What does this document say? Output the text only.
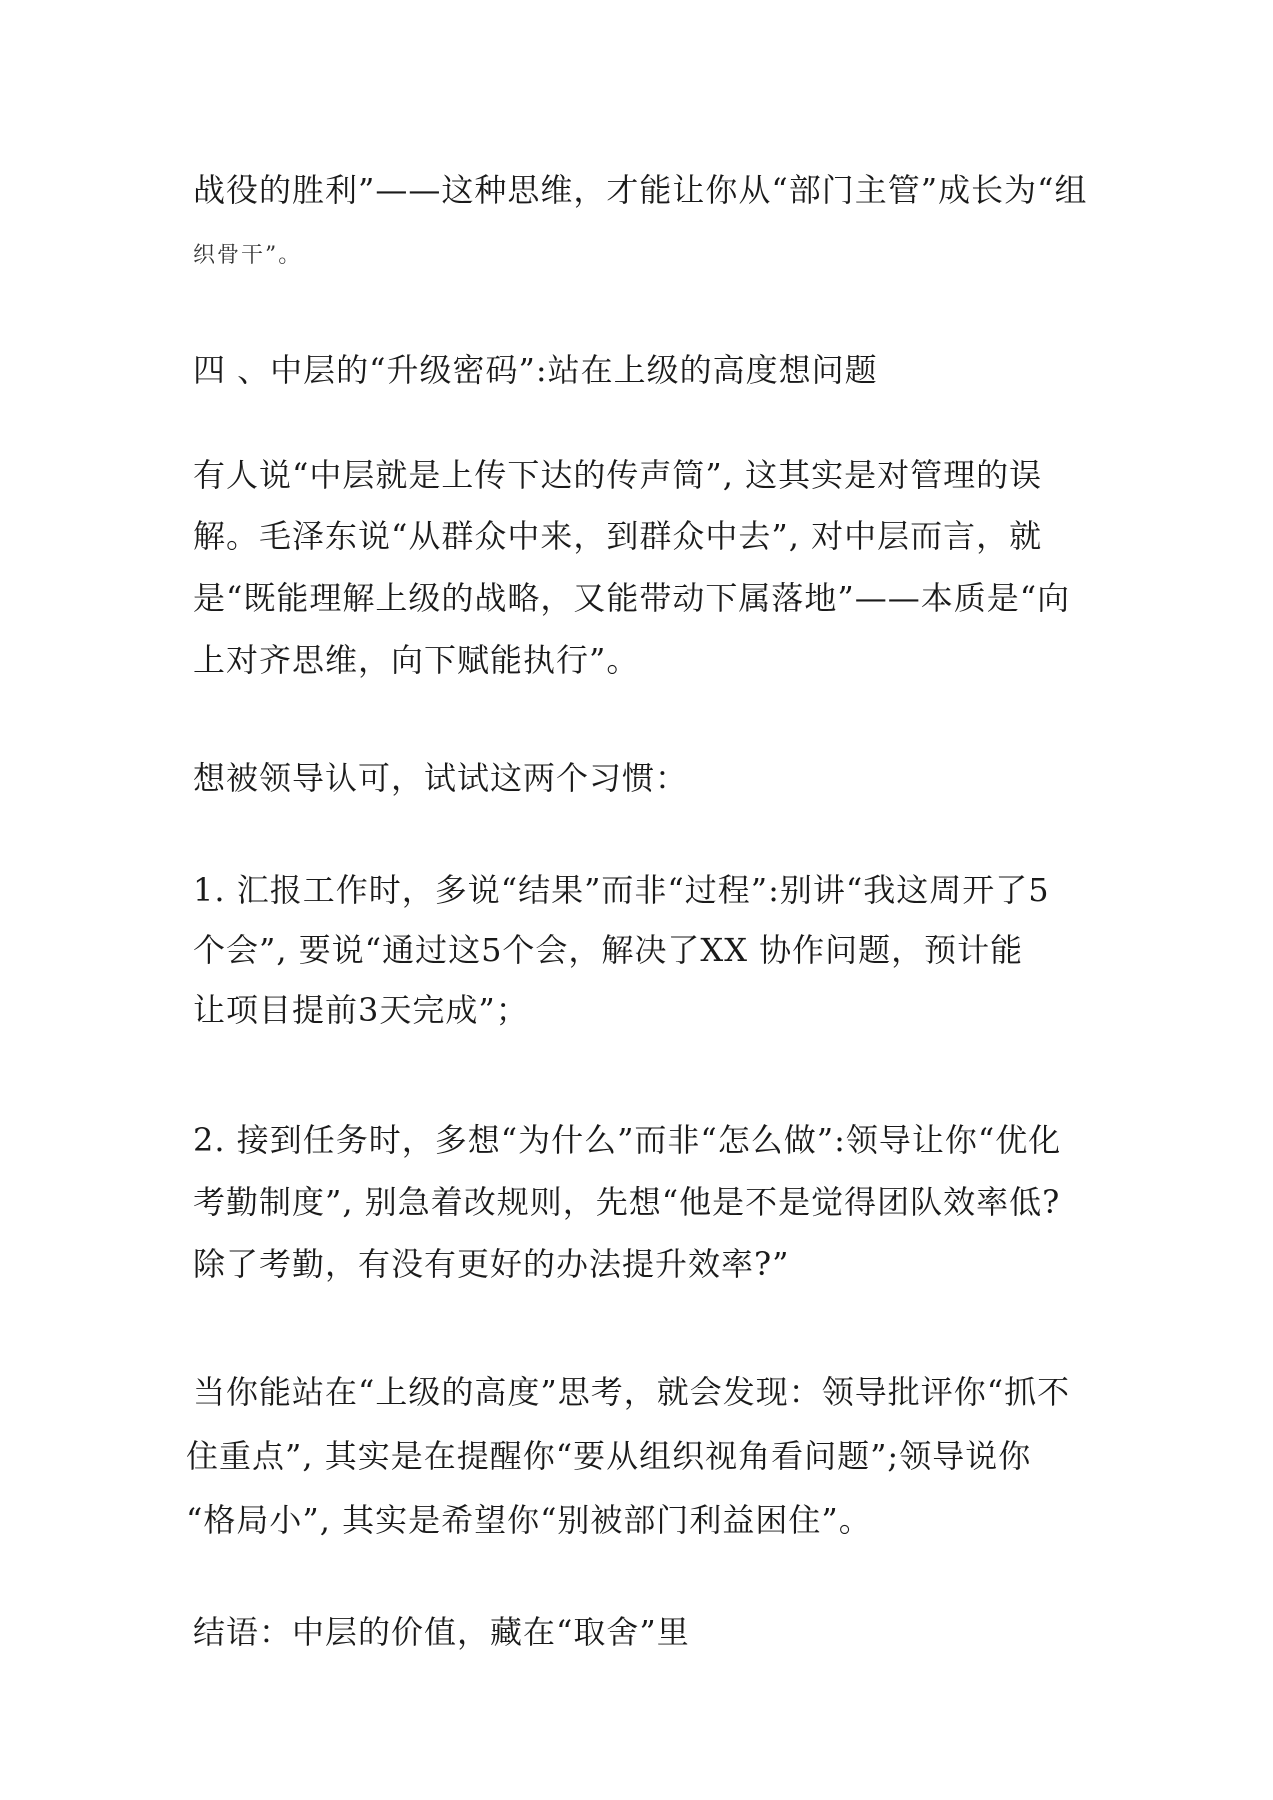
战役的胜利”——这种思维，才能让你从“部门主管”成长为“组
织骨干”。
四 、中层的“升级密码”:站在上级的高度想问题
有人说“中层就是上传下达的传声筒”, 这其实是对管理的误
解。毛泽东说“从群众中来，到群众中去”, 对中层而言，就
是“既能理解上级的战略，又能带动下属落地”——本质是“向
上对齐思维，向下赋能执行”。
想被领导认可，试试这两个习惯：
1. 汇报工作时，多说“结果”而非“过程”:别讲“我这周开了5
个会”, 要说“通过这5个会，解决了XX 协作问题，预计能
让项目提前3天完成”；
2. 接到任务时，多想“为什么”而非“怎么做”:领导让你“优化
考勤制度”, 别急着改规则，先想“他是不是觉得团队效率低?
除了考勤，有没有更好的办法提升效率?”
当你能站在“上级的高度”思考，就会发现：领导批评你“抓不
住重点”, 其实是在提醒你“要从组织视角看问题”;领导说你
“格局小”, 其实是希望你“别被部门利益困住”。
结语：中层的价值，藏在“取舍”里
